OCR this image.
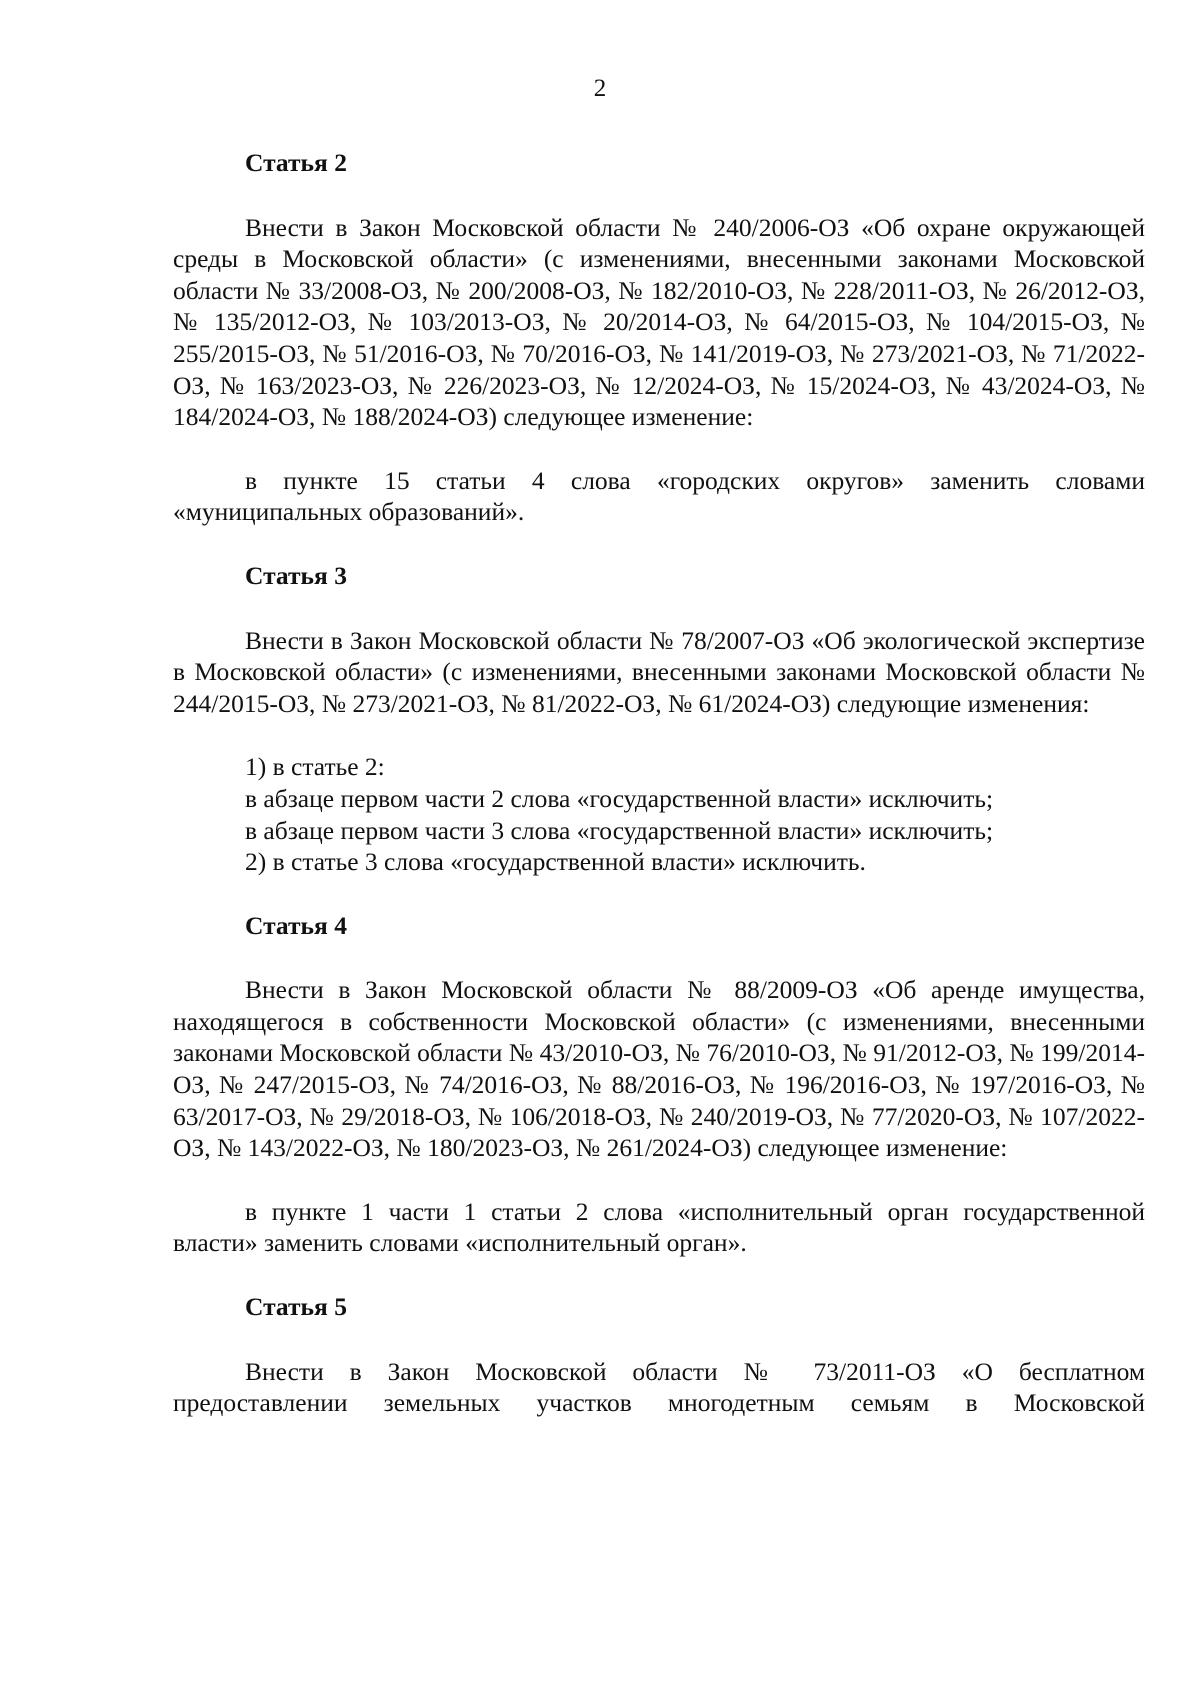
2
Статья 2

Внести в Закон Московской области № 240/2006-ОЗ «Об охране окружающей среды в Московской области» (с изменениями, внесенными законами Московской области № 33/2008-ОЗ, № 200/2008-ОЗ, № 182/2010-ОЗ, № 228/2011-ОЗ, № 26/2012-ОЗ, № 135/2012-ОЗ, № 103/2013-ОЗ, № 20/2014-ОЗ, № 64/2015-ОЗ, № 104/2015-ОЗ, № 255/2015-ОЗ, № 51/2016-ОЗ, № 70/2016-ОЗ, № 141/2019-ОЗ, № 273/2021-ОЗ, № 71/2022-ОЗ, № 163/2023-ОЗ, № 226/2023-ОЗ, № 12/2024-ОЗ, № 15/2024-ОЗ, № 43/2024-ОЗ, № 184/2024-ОЗ, № 188/2024-ОЗ) следующее изменение:

в пункте 15 статьи 4 слова «городских округов» заменить словами «муниципальных образований».

Статья 3

Внести в Закон Московской области № 78/2007-ОЗ «Об экологической экспертизе в Московской области» (с изменениями, внесенными законами Московской области № 244/2015-ОЗ, № 273/2021-ОЗ, № 81/2022-ОЗ, № 61/2024-ОЗ) следующие изменения:

1) в статье 2:

в абзаце первом части 2 слова «государственной власти» исключить;

в абзаце первом части 3 слова «государственной власти» исключить;

2) в статье 3 слова «государственной власти» исключить.

Статья 4

Внести в Закон Московской области № 88/2009-ОЗ «Об аренде имущества, находящегося в собственности Московской области» (с изменениями, внесенными законами Московской области № 43/2010-ОЗ, № 76/2010-ОЗ, № 91/2012-ОЗ, № 199/2014-ОЗ, № 247/2015-ОЗ, № 74/2016-ОЗ, № 88/2016-ОЗ, № 196/2016-ОЗ, № 197/2016-ОЗ, № 63/2017-ОЗ, № 29/2018-ОЗ, № 106/2018-ОЗ, № 240/2019-ОЗ, № 77/2020-ОЗ, № 107/2022-ОЗ, № 143/2022-ОЗ, № 180/2023-ОЗ, № 261/2024-ОЗ) следующее изменение:

в пункте 1 части 1 статьи 2 слова «исполнительный орган государственной власти» заменить словами «исполнительный орган».

Статья 5

Внести в Закон Московской области № 73/2011-ОЗ «О бесплатном предоставлении земельных участков многодетным семьям в Московской
